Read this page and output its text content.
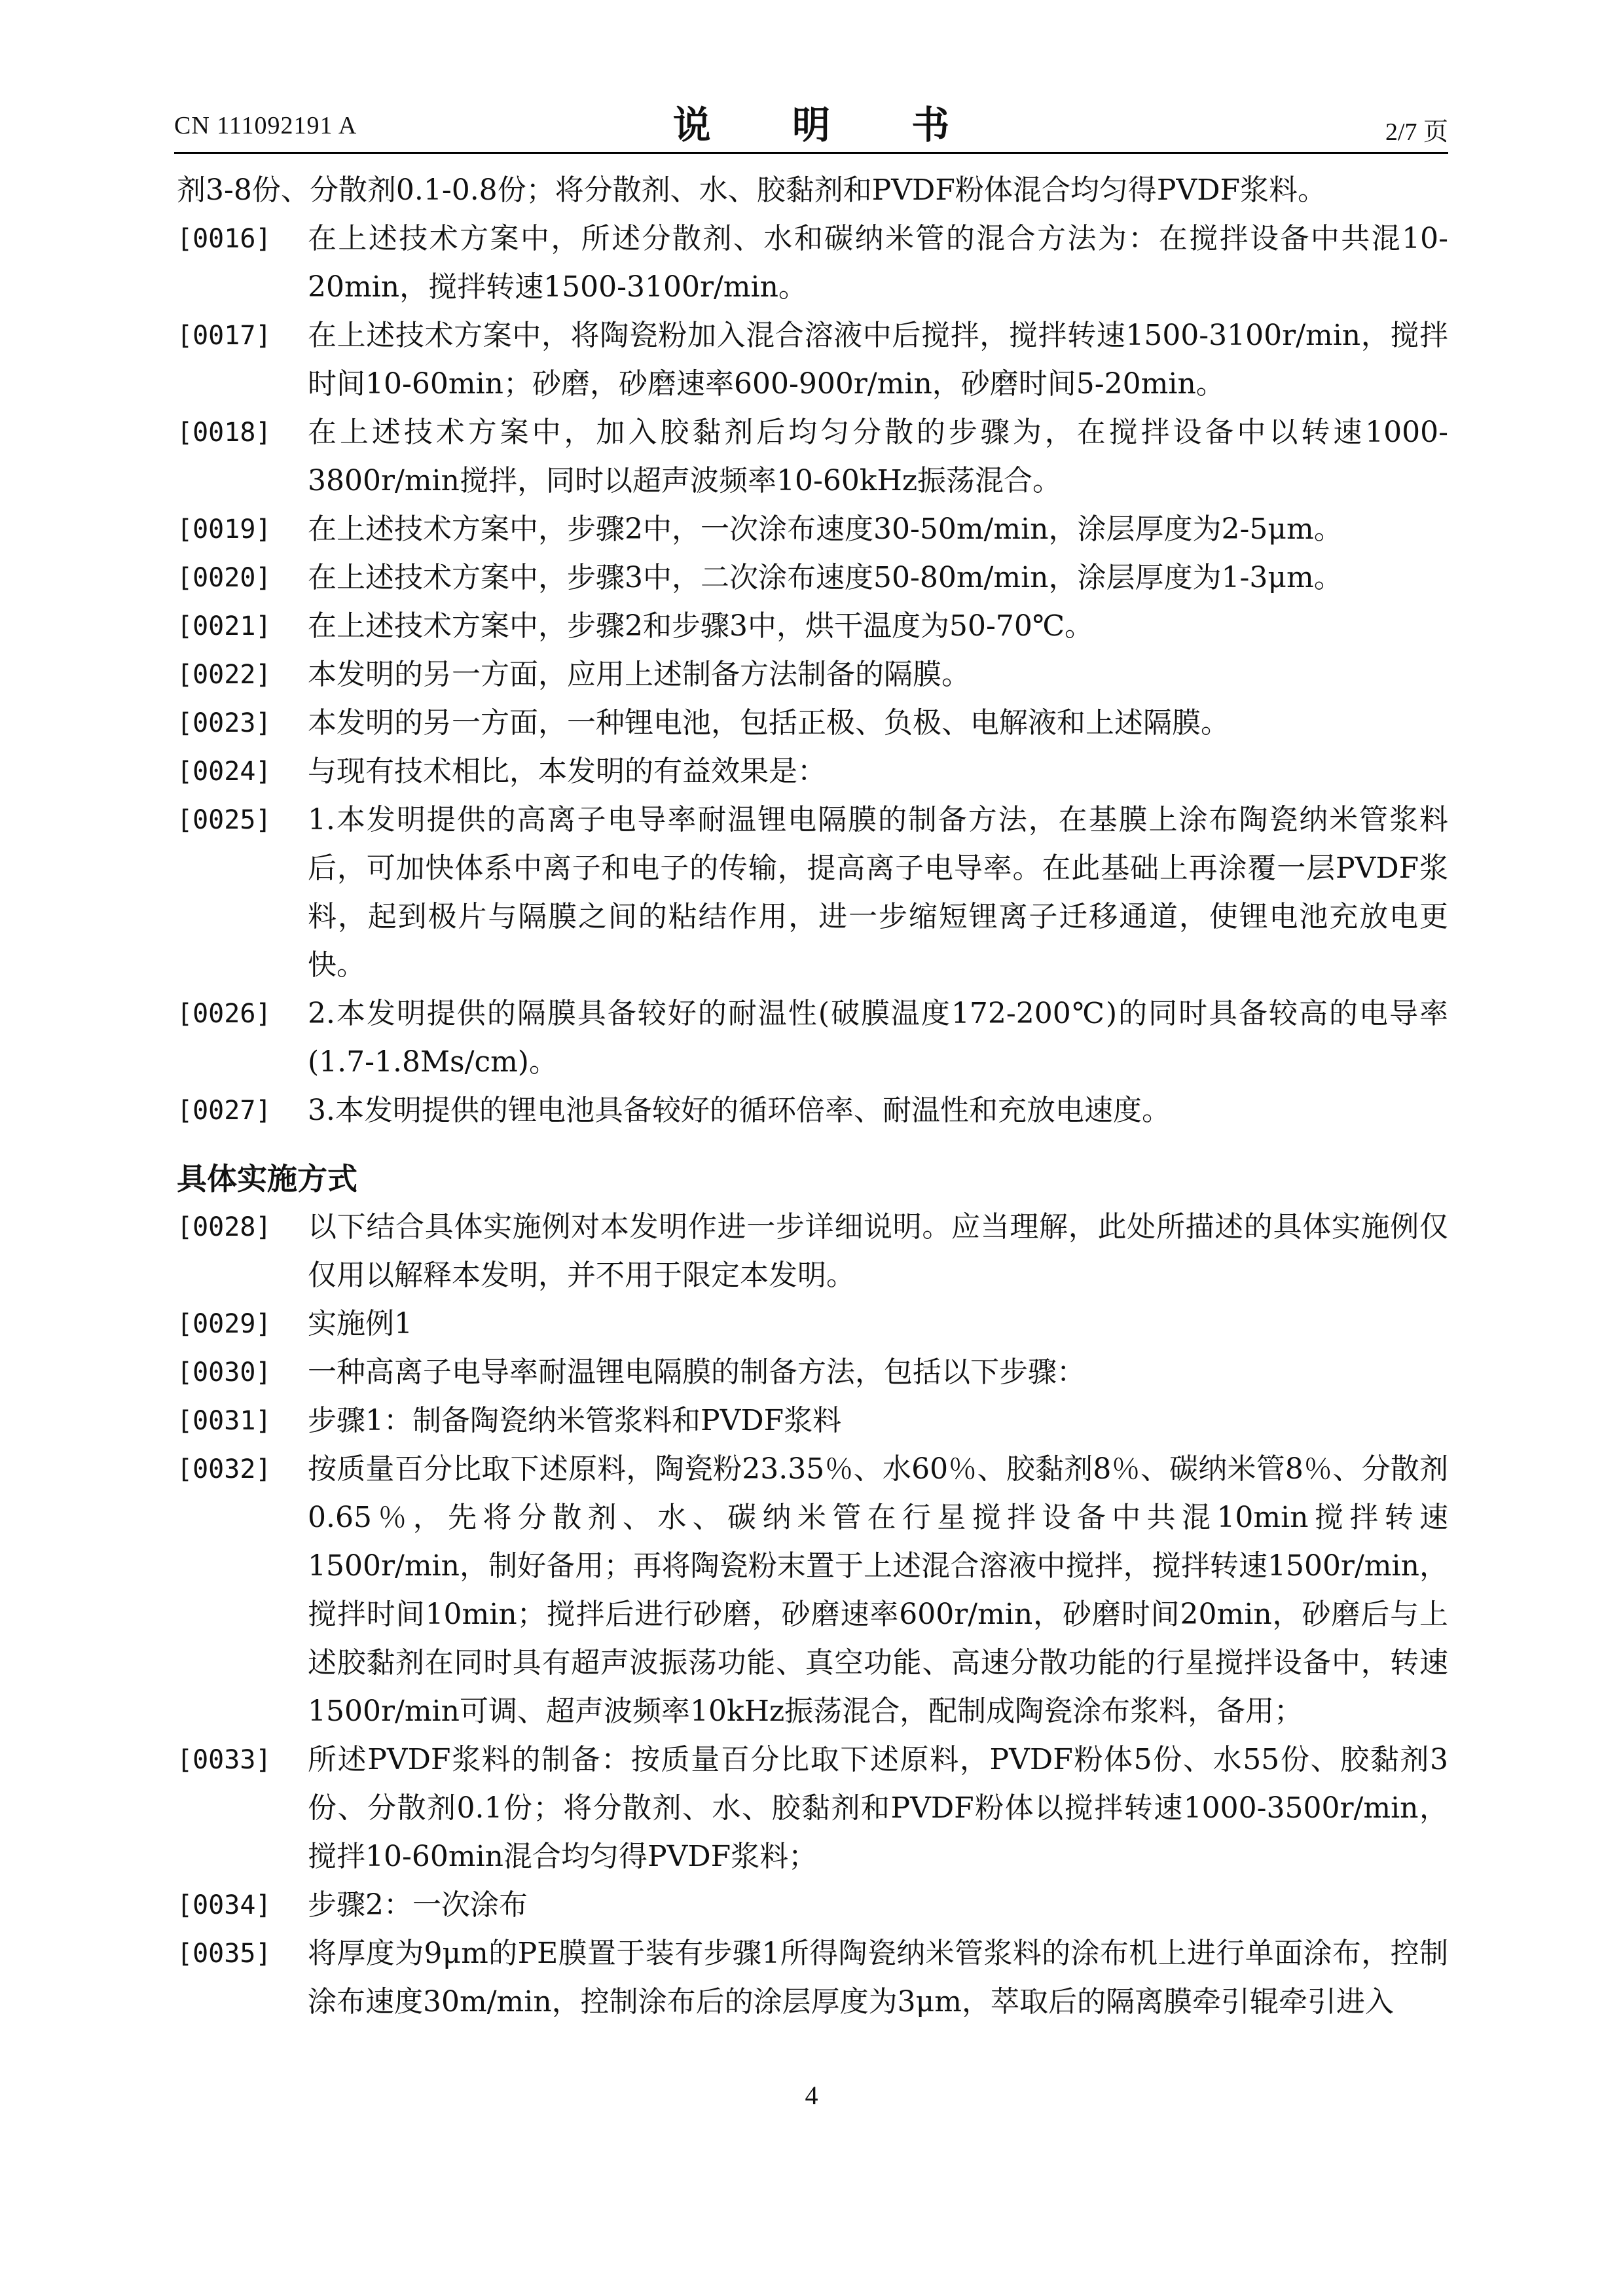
CN 111092191 A	说 明 书	2/7 页
剂3-8份、分散剂0.1-0.8份；将分散剂、水、胶黏剂和PVDF粉体混合均匀得PVDF浆料。
[0016]	在上述技术方案中，所述分散剂、水和碳纳米管的混合方法为：在搅拌设备中共混10-20min，搅拌转速1500-3100r/min。
[0017]	在上述技术方案中，将陶瓷粉加入混合溶液中后搅拌，搅拌转速1500-3100r/min，搅拌时间10-60min；砂磨，砂磨速率600-900r/min，砂磨时间5-20min。
[0018]	在上述技术方案中，加入胶黏剂后均匀分散的步骤为，在搅拌设备中以转速1000-3800r/min搅拌，同时以超声波频率10-60kHz振荡混合。
[0019]	在上述技术方案中，步骤2中，一次涂布速度30-50m/min，涂层厚度为2-5μm。
[0020]	在上述技术方案中，步骤3中，二次涂布速度50-80m/min，涂层厚度为1-3μm。
[0021]	在上述技术方案中，步骤2和步骤3中，烘干温度为50-70℃。
[0022]	本发明的另一方面，应用上述制备方法制备的隔膜。
[0023]	本发明的另一方面，一种锂电池，包括正极、负极、电解液和上述隔膜。
[0024]	与现有技术相比，本发明的有益效果是：
[0025]	1.本发明提供的高离子电导率耐温锂电隔膜的制备方法，在基膜上涂布陶瓷纳米管浆料后，可加快体系中离子和电子的传输，提高离子电导率。在此基础上再涂覆一层PVDF浆料，起到极片与隔膜之间的粘结作用，进一步缩短锂离子迁移通道，使锂电池充放电更快。
[0026]	2.本发明提供的隔膜具备较好的耐温性(破膜温度172-200℃)的同时具备较高的电导率(1.7-1.8Ms/cm)。
[0027]	3.本发明提供的锂电池具备较好的循环倍率、耐温性和充放电速度。
具体实施方式
[0028]	以下结合具体实施例对本发明作进一步详细说明。应当理解，此处所描述的具体实施例仅仅用以解释本发明，并不用于限定本发明。
[0029]	实施例1
[0030]	一种高离子电导率耐温锂电隔膜的制备方法，包括以下步骤：
[0031]	步骤1：制备陶瓷纳米管浆料和PVDF浆料
[0032]	按质量百分比取下述原料，陶瓷粉23.35％、水60％、胶黏剂8％、碳纳米管8％、分散剂0.65％，先将分散剂、水、碳纳米管在行星搅拌设备中共混10min搅拌转速1500r/min，制好备用；再将陶瓷粉末置于上述混合溶液中搅拌，搅拌转速1500r/min，搅拌时间10min；搅拌后进行砂磨，砂磨速率600r/min，砂磨时间20min，砂磨后与上述胶黏剂在同时具有超声波振荡功能、真空功能、高速分散功能的行星搅拌设备中，转速1500r/min可调、超声波频率10kHz振荡混合，配制成陶瓷涂布浆料，备用；
[0033]	所述PVDF浆料的制备：按质量百分比取下述原料，PVDF粉体5份、水55份、胶黏剂3份、分散剂0.1份；将分散剂、水、胶黏剂和PVDF粉体以搅拌转速1000-3500r/min，搅拌10-60min混合均匀得PVDF浆料；
[0034]	步骤2：一次涂布
[0035]	将厚度为9μm的PE膜置于装有步骤1所得陶瓷纳米管浆料的涂布机上进行单面涂布，控制涂布速度30m/min，控制涂布后的涂层厚度为3μm，萃取后的隔离膜牵引辊牵引进入
4
